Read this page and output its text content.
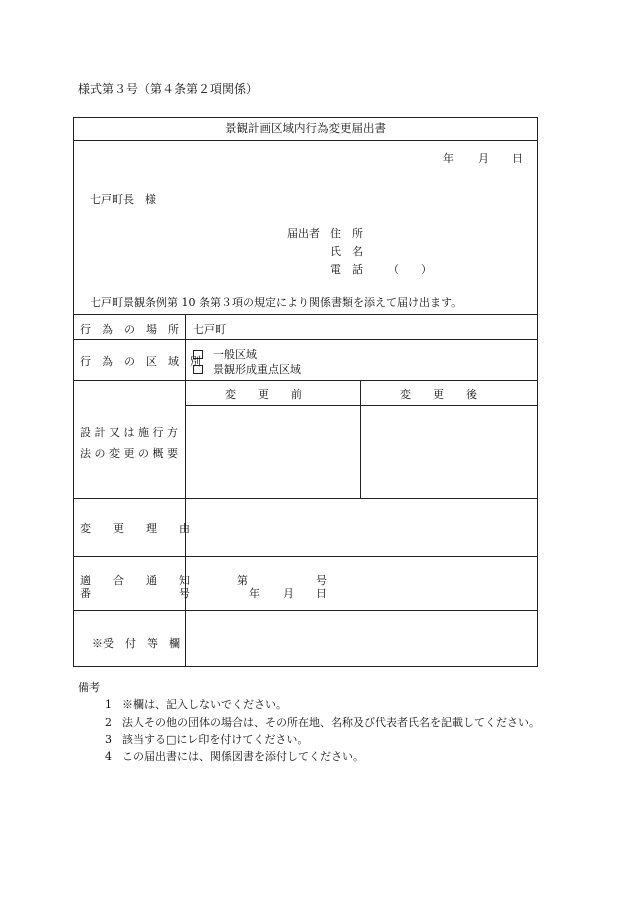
様式第３号（第４条第２項関係）
景観計画区域内行為変更届出書
年 月 日
七戸町長　様
届出者 住　所
氏　名
電　話 （　　）
七戸町景観条例第 10 条第３項の規定により関係書類を添えて届け出ます。
行　為　の　場　所 七戸町
行　為　の　区　域　別
一般区域
景観形成重点区域
変　　更　　前	変　　更　　後
設 計 又 は 施 行 方
法 の 変 更 の 概 要
変　　更　　理　　由
適　　合　　通　　知
番　　　　　　　　号
第	号
年 月 日
※受　付　等　欄
備考
1 ※欄は、記入しないでください。
2 法人その他の団体の場合は、その所在地、名称及び代表者氏名を記載してください。
3 該当する□にレ印を付けてください。
4 この届出書には、関係図書を添付してください。
